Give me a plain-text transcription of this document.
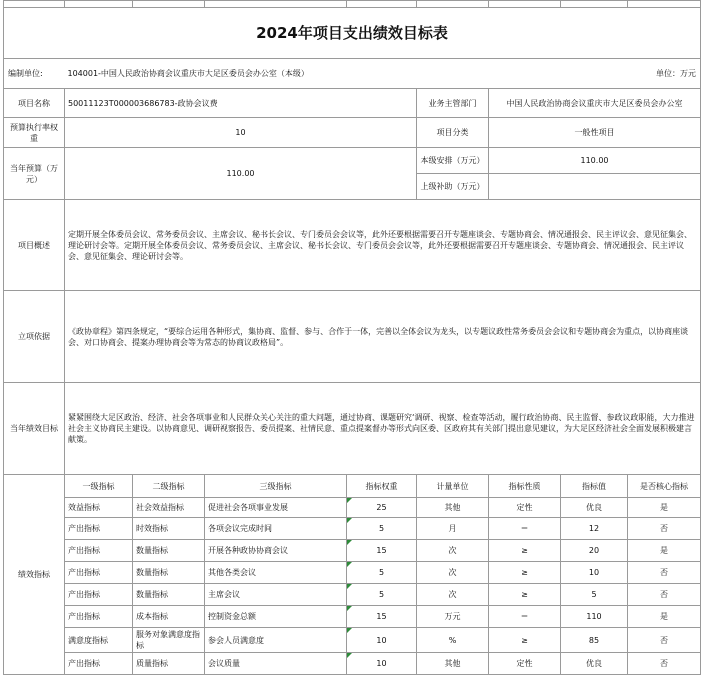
2024年项目支出绩效目标表								
编制单位:	104001-中国人民政治协商会议重庆市大足区委员会办公室（本级）						单位：万元	
项目名称	50011123T000003686783-政协会议费				业务主管部门	中国人民政治协商会议重庆市大足区委员会办公室		
预算执行率权重	10				项目分类	一般性项目		
当年预算（万元）	110.00				本级安排（万元）	110.00		
					上级补助（万元）			
项目概述	定期开展全体委员会议、常务委员会议、主席会议、秘书长会议、专门委员会会议等，此外还要根据需要召开专题座谈会、专题协商会、情况通报会、民主评议会、意见征集会、理论研讨会等。定期开展全体委员会议、常务委员会议、主席会议、秘书长会议、专门委员会会议等，此外还要根据需要召开专题座谈会、专题协商会、情况通报会、民主评议会、意见征集会、理论研讨会等。							
立项依据	《政协章程》第四条规定，“要综合运用各种形式，集协商、监督、参与、合作于一体，完善以全体会议为龙头，以专题议政性常务委员会会议和专题协商会为重点，以协商座谈会、对口协商会、提案办理协商会等为常态的协商议政格局”。							
当年绩效目标	紧紧围绕大足区政治、经济、社会各项事业和人民群众关心关注的重大问题，通过协商、课题研究‘调研、视察、检查等活动，履行政治协商、民主监督、参政议政职能，大力推进社会主义协商民主建设。以协商意见、调研视察报告、委员提案、社情民意、重点提案督办等形式向区委、区政府其有关部门提出意见建议，为大足区经济社会全面发展积极建言献策。							
绩效指标	一级指标	二级指标	三级指标	指标权重	计量单位	指标性质	指标值	是否核心指标
	效益指标	社会效益指标	促进社会各项事业发展	25	其他	定性	优良	是
	产出指标	时效指标	各项会议完成时间	5	月	＝	12	否
	产出指标	数量指标	开展各种政协协商会议	15	次	≥	20	是
	产出指标	数量指标	其他各类会议	5	次	≥	10	否
	产出指标	数量指标	主席会议	5	次	≥	5	否
	产出指标	成本指标	控制资金总额	15	万元	＝	110	是
	满意度指标	服务对象满意度指标	参会人员满意度	10	%	≥	85	否
	产出指标	质量指标	会议质量	10	其他	定性	优良	否
